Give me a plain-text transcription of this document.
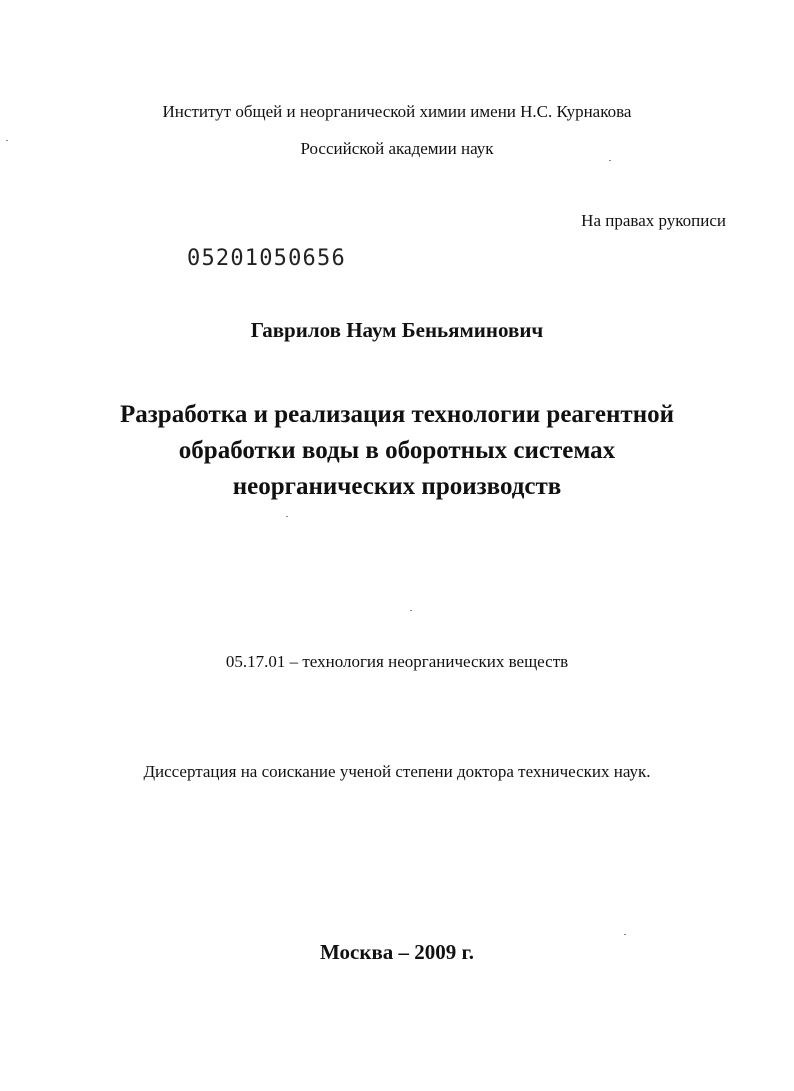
Институт общей и неорганической химии имени Н.С. Курнакова
Российской академии наук
На правах рукописи
05201050656
Гаврилов Наум Беньяминович
Разработка и реализация технологии реагентной
обработки воды в оборотных системах
неорганических производств
05.17.01 – технология неорганических веществ
Диссертация на соискание ученой степени доктора технических наук.
Москва – 2009 г.
